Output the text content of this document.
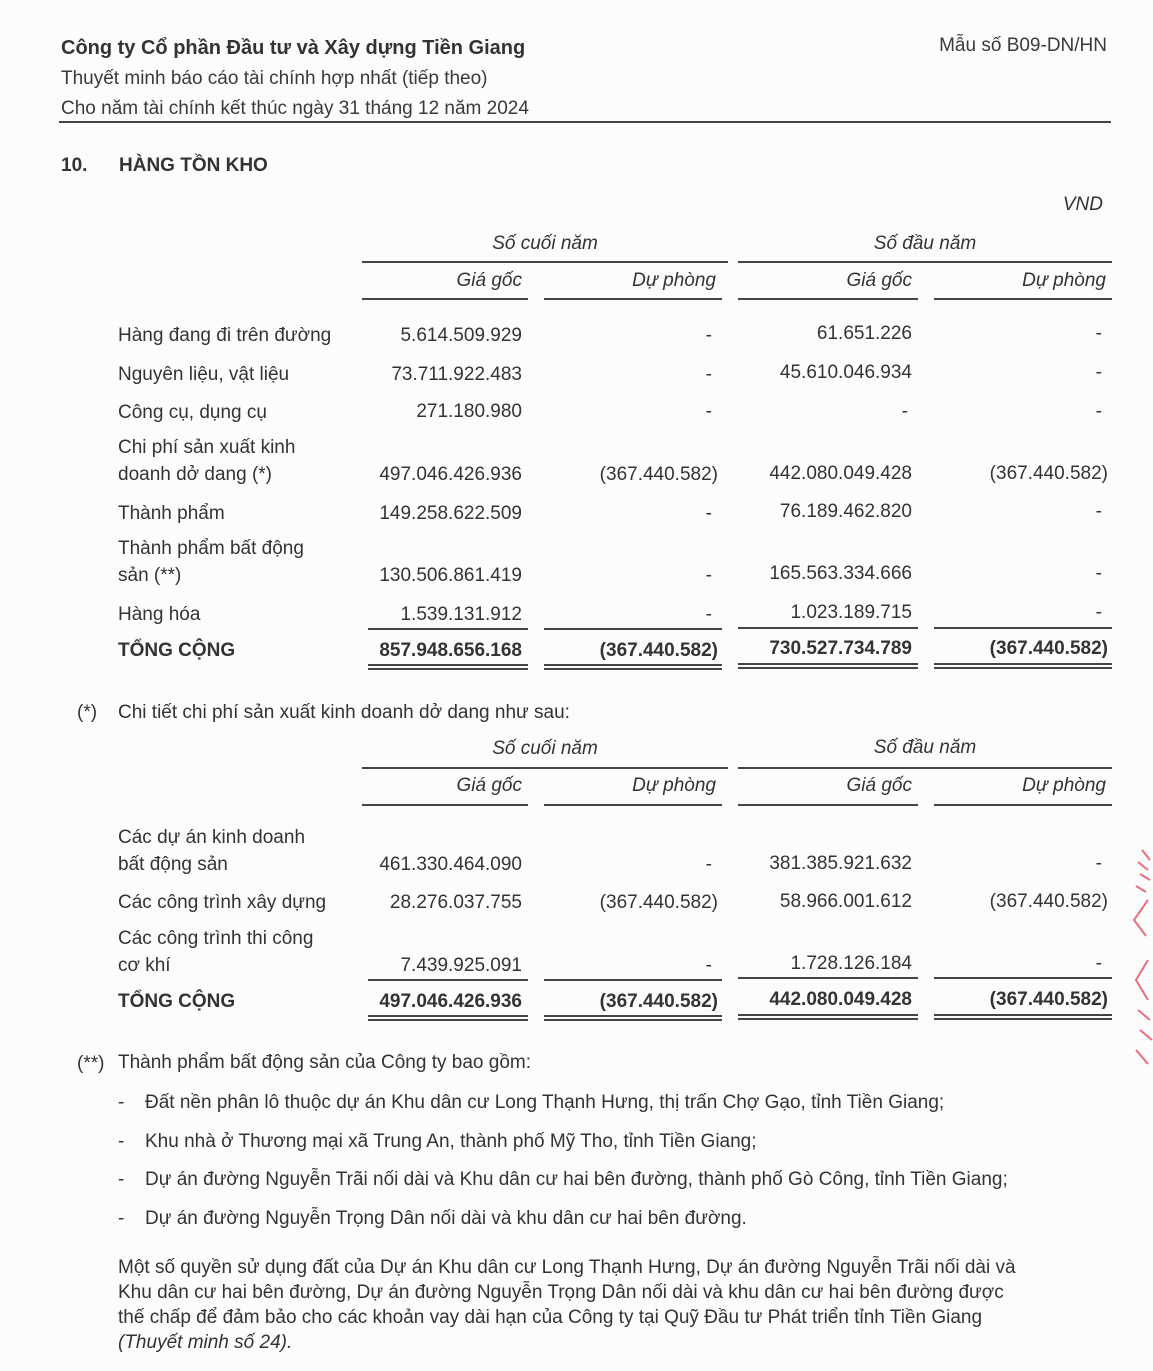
Công ty Cổ phần Đầu tư và Xây dựng Tiền Giang
Thuyết minh báo cáo tài chính hợp nhất (tiếp theo)
Cho năm tài chính kết thúc ngày 31 tháng 12 năm 2024
Mẫu số B09-DN/HN
10. HÀNG TỒN KHO
VND
Số cuối năm	Số đầu năm
Giá gốc	Dự phòng	Giá gốc	Dự phòng
Hàng đang đi trên đường	5.614.509.929	-	61.651.226	-
Nguyên liệu, vật liệu	73.711.922.483	-	45.610.046.934	-
Công cụ, dụng cụ	271.180.980	-	-	-
Chi phí sản xuất kinh
doanh dở dang (*)	497.046.426.936	(367.440.582)	442.080.049.428	(367.440.582)
Thành phẩm	149.258.622.509	-	76.189.462.820	-
Thành phẩm bất động
sản (**)	130.506.861.419	-	165.563.334.666	-
Hàng hóa	1.539.131.912	-	1.023.189.715	-
TỔNG CỘNG	857.948.656.168	(367.440.582)	730.527.734.789	(367.440.582)
(*) Chi tiết chi phí sản xuất kinh doanh dở dang như sau:
Số cuối năm	Số đầu năm
Giá gốc	Dự phòng	Giá gốc	Dự phòng
Các dự án kinh doanh
bất động sản	461.330.464.090	-	381.385.921.632	-
Các công trình xây dựng	28.276.037.755	(367.440.582)	58.966.001.612	(367.440.582)
Các công trình thi công
cơ khí	7.439.925.091	-	1.728.126.184	-
TỔNG CỘNG	497.046.426.936	(367.440.582)	442.080.049.428	(367.440.582)
(**) Thành phẩm bất động sản của Công ty bao gồm:
- Đất nền phân lô thuộc dự án Khu dân cư Long Thạnh Hưng, thị trấn Chợ Gạo, tỉnh Tiền Giang;
- Khu nhà ở Thương mại xã Trung An, thành phố Mỹ Tho, tỉnh Tiền Giang;
- Dự án đường Nguyễn Trãi nối dài và Khu dân cư hai bên đường, thành phố Gò Công, tỉnh Tiền Giang;
- Dự án đường Nguyễn Trọng Dân nối dài và khu dân cư hai bên đường.
Một số quyền sử dụng đất của Dự án Khu dân cư Long Thạnh Hưng, Dự án đường Nguyễn Trãi nối dài và
Khu dân cư hai bên đường, Dự án đường Nguyễn Trọng Dân nối dài và khu dân cư hai bên đường được
thế chấp để đảm bảo cho các khoản vay dài hạn của Công ty tại Quỹ Đầu tư Phát triển tỉnh Tiền Giang
(Thuyết minh số 24).
